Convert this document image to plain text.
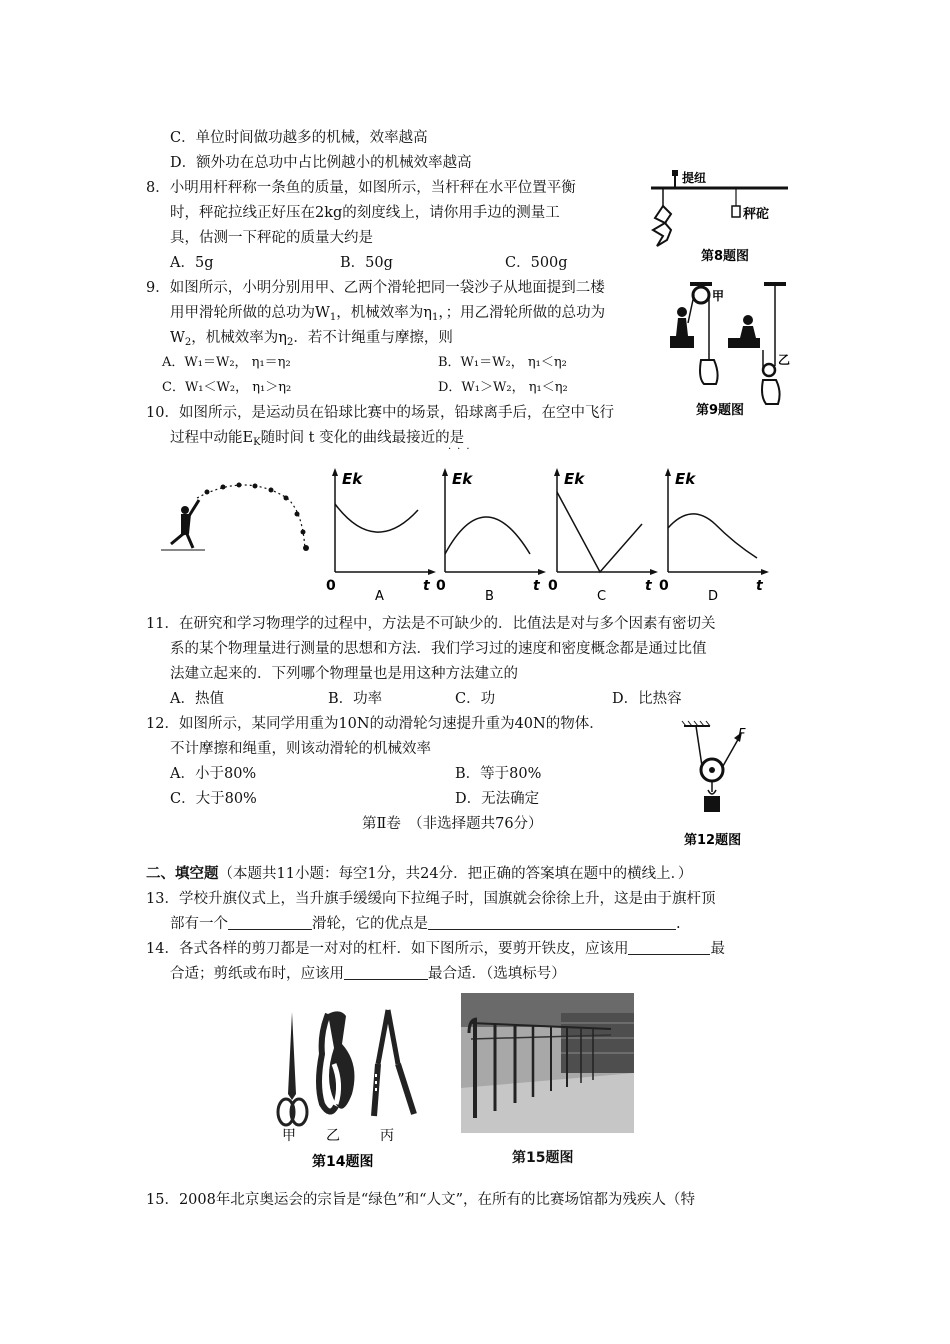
C．单位时间做功越多的机械，效率越高
D．额外功在总功中占比例越小的机械效率越高
8．小明用杆秤称一条鱼的质量，如图所示，当杆秤在水平位置平衡
时，秤砣拉线正好压在2kg的刻度线上，请你用手边的测量工
具，估测一下秤砣的质量大约是
A．5g	B．50g	C．500g
提纽
秤砣
第8题图
9．如图所示，小明分别用甲、乙两个滑轮把同一袋沙子从地面提到二楼
用甲滑轮所做的总功为$W_1$，机械效率为$\eta_1$，；用乙滑轮所做的总功为
$W_2$，机械效率为$\eta_2$．若不计绳重与摩擦，则
A．W₁＝W₂， η₁＝η₂	B．W₁＝W₂， η₁＜η₂
C．W₁＜W₂， η₁＞η₂	D．W₁＞W₂， η₁＜η₂
甲
乙
第9题图
10．如图所示，是运动员在铅球比赛中的场景，铅球离手后，在空中飞行
过程中动能$E_K$随时间 t 变化的曲线最接近的是
···
Ek
t
0
A
Ek
t
0
B
Ek
t
0
C
Ek
t
0
D
11．在研究和学习物理学的过程中，方法是不可缺少的．比值法是对与多个因素有密切关
系的某个物理量进行测量的思想和方法．我们学习过的速度和密度概念都是通过比值
法建立起来的．下列哪个物理量也是用这种方法建立的
A．热值	B．功率	C．功	D．比热容
12．如图所示，某同学用重为10N的动滑轮匀速提升重为40N的物体．
不计摩擦和绳重，则该动滑轮的机械效率
A．小于80%	B．等于80%
C．大于80%	D．无法确定
F
第12题图
第Ⅱ卷　（非选择题共76分）
二、填空题（本题共11小题：每空1分，共24分．把正确的答案填在题中的横线上．）
13．学校升旗仪式上，当升旗手缓缓向下拉绳子时，国旗就会徐徐上升，这是由于旗杆顶
部有一个	滑轮，它的优点是	.
14．各式各样的剪刀都是一对对的杠杆．如下图所示，要剪开铁皮，应该用	最
合适；剪纸或布时，应该用	最合适．（选填标号）
甲 乙	丙
第14题图	第15题图
15．2008年北京奥运会的宗旨是“绿色”和“人文”，在所有的比赛场馆都为残疾人（特
